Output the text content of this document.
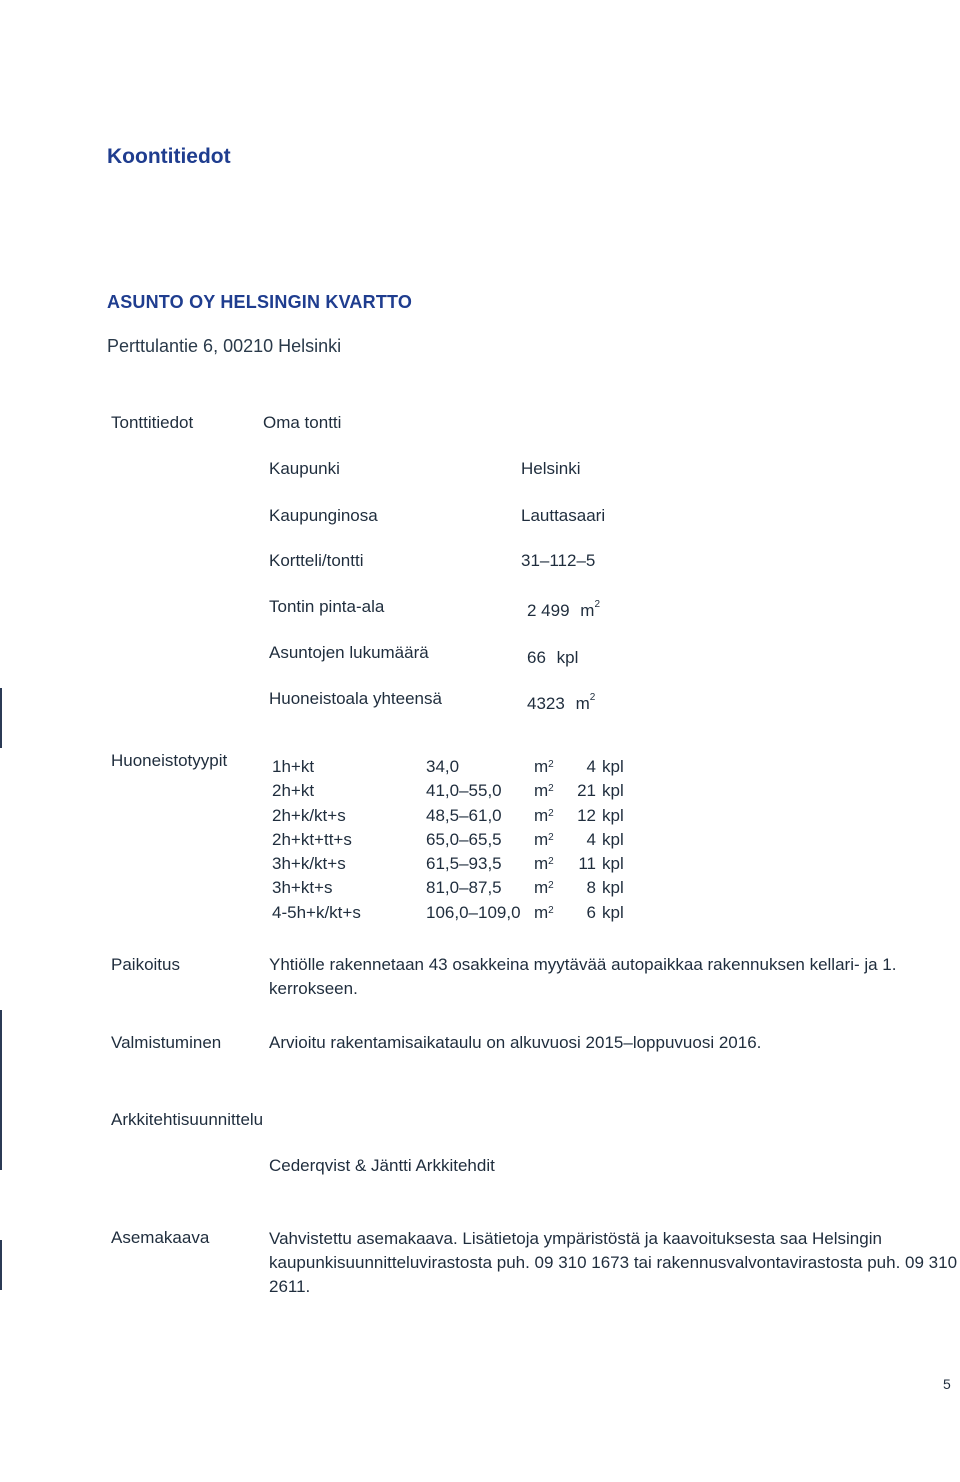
Koontitiedot
ASUNTO OY HELSINGIN KVARTTO
Perttulantie 6, 00210 Helsinki
Tonttitiedot	Oma tontti
Kaupunki	Helsinki
Kaupunginosa	Lauttasaari
Kortteli/tontti	31–112–5
Tontin pinta-ala	2 499 $m^2$
Asuntojen lukumäärä	66 kpl
Huoneistoala yhteensä	4323 $m^2$
Huoneistotyypit	1h+kt	34,0	$m^2$	4	kpl
2h+kt	41,0–55,0	$m^2$	21	kpl
2h+k/kt+s	48,5–61,0	$m^2$	12	kpl
2h+kt+tt+s	65,0–65,5	$m^2$	4	kpl
3h+k/kt+s	61,5–93,5	$m^2$	11	kpl
3h+kt+s	81,0–87,5	$m^2$	8	kpl
4-5h+k/kt+s	106,0–109,0	$m^2$	6	kpl
Paikoitus	Yhtiölle rakennetaan 43 osakkeina myytävää autopaikkaa rakennuksen kellari- ja 1. kerrokseen.
Valmistuminen	Arvioitu rakentamisaikataulu on alkuvuosi 2015–loppuvuosi 2016.
Arkkitehtisuunnittelu
Cederqvist & Jäntti Arkkitehdit
Asemakaava	Vahvistettu asemakaava. Lisätietoja ympäristöstä ja kaavoituksesta saa Helsingin kaupunkisuunnitteluvirastosta puh. 09 310 1673 tai rakennusvalvontavirastosta puh. 09 310 2611.
5
